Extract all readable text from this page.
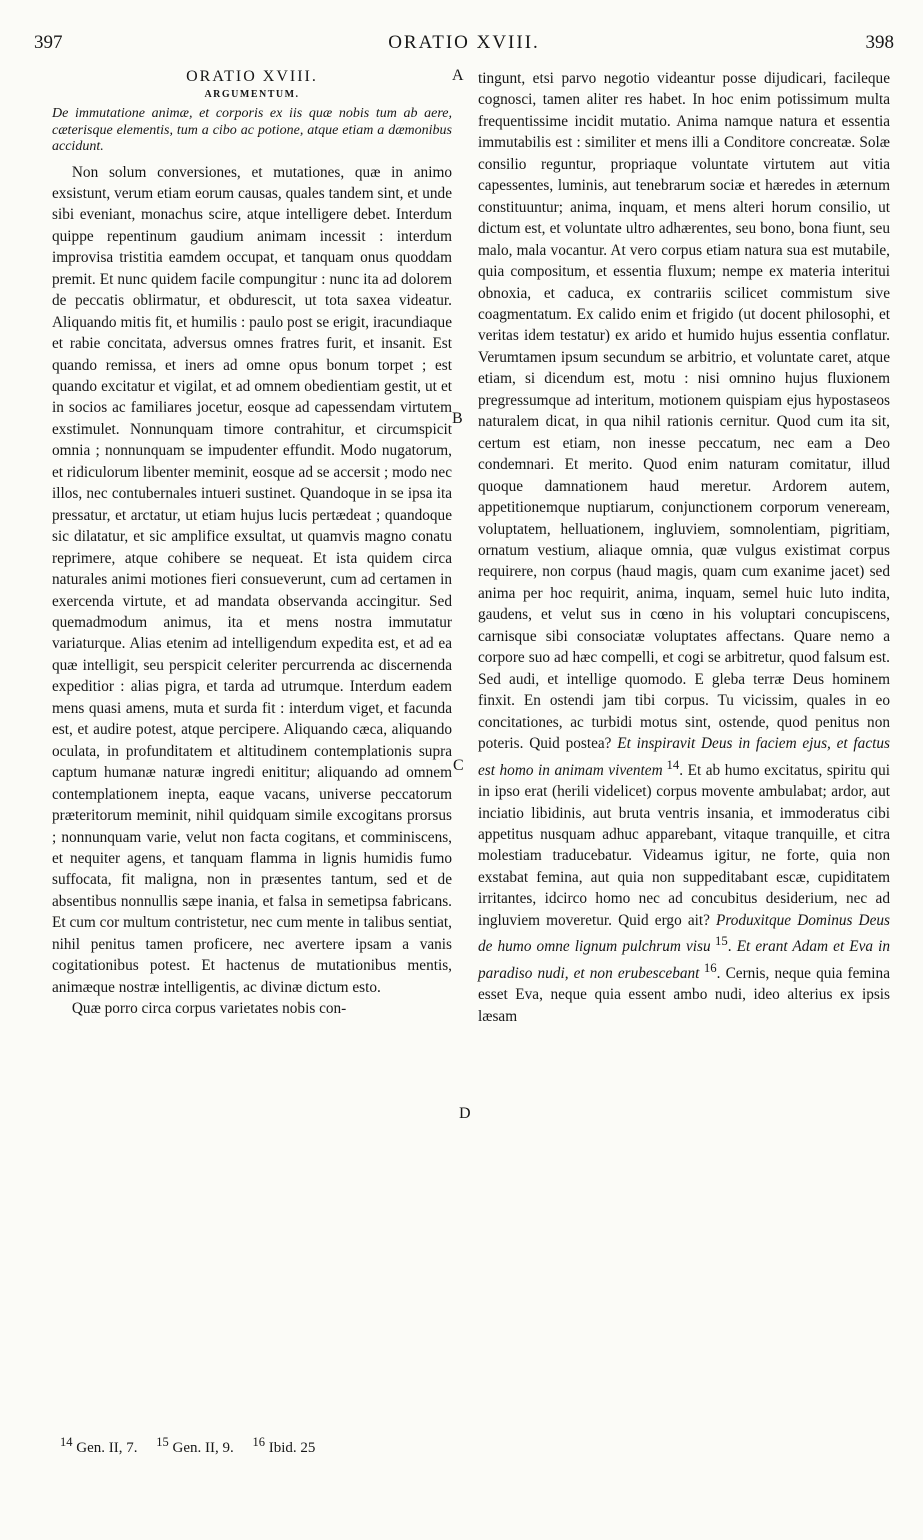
397	ORATIO XVIII.	398
ORATIO XVIII.
ARGUMENTUM.
De immutatione animæ, et corporis ex iis quæ nobis tum ab aere, cæterisque elementis, tum a cibo ac potione, atque etiam a dæmonibus accidunt.

Non solum conversiones, et mutationes, quæ in animo exsistunt, verum etiam eorum causas, quales tandem sint, et unde sibi eveniant, monachus scire, atque intelligere debet. Interdum quippe repentinum gaudium animam incessit : interdum improvisa tristitia eamdem occupat, et tanquam onus quoddam premit. Et nunc quidem facile compungitur : nunc ita ad dolorem de peccatis oblirmatur, et obdurescit, ut tota saxea videatur. Aliquando mitis fit, et humilis : paulo post se erigit, iracundiaque et rabie concitata, adversus omnes fratres furit, et insanit. Est quando remissa, et iners ad omne opus bonum torpet ; est quando excitatur et vigilat, et ad omnem obedientiam gestit, ut et in socios ac familiares jocetur, eosque ad capessendam virtutem exstimulet. Nonnunquam timore contrahitur, et circumspicit omnia ; nonnunquam se impudenter effundit. Modo nugatorum, et ridiculorum libenter meminit, eosque ad se accersit ; modo nec illos, nec contubernales intueri sustinet. Quandoque in se ipsa ita pressatur, et arctatur, ut etiam hujus lucis pertædeat ; quandoque sic dilatatur, et sic amplifice exsultat, ut quamvis magno conatu reprimere, atque cohibere se nequeat. Et ista quidem circa naturales animi motiones fieri consueverunt, cum ad certamen in exercenda virtute, et ad mandata observanda accingitur. Sed quemadmodum animus, ita et mens nostra immutatur variaturque. Alias etenim ad intelligendum expedita est, et ad ea quæ intelligit, seu perspicit celeriter percurrenda ac discernenda expeditior : alias pigra, et tarda ad utrumque. Interdum eadem mens quasi amens, muta et surda fit : interdum viget, et facunda est, et audire potest, atque percipere. Aliquando cæca, aliquando oculata, in profunditatem et altitudinem contemplationis supra captum humanæ naturæ ingredi enititur; aliquando ad omnem contemplationem inepta, eaque vacans, universe peccatorum præteritorum meminit, nihil quidquam simile excogitans prorsus ; nonnunquam varie, velut non facta cogitans, et comminiscens, et nequiter agens, et tanquam flamma in lignis humidis fumo suffocata, fit maligna, non in præsentes tantum, sed et de absentibus nonnullis sæpe inania, et falsa in semetipsa fabricans. Et cum cor multum contristetur, nec cum mente in talibus sentiat, nihil penitus tamen proficere, nec avertere ipsam a vanis cogitationibus potest. Et hactenus de mutationibus mentis, animæque nostræ intelligentis, ac divinæ dictum esto.

Quæ porro circa corpus varietates nobis con-

A
B
C
D

tingunt, etsi parvo negotio videantur posse dijudicari, facileque cognosci, tamen aliter res habet. In hoc enim potissimum multa frequentissime incidit mutatio. Anima namque natura et essentia immutabilis est : similiter et mens illi a Conditore concreatæ. Solæ consilio reguntur, propriaque voluntate virtutem aut vitia capessentes, luminis, aut tenebrarum sociæ et hæredes in æternum constituuntur; anima, inquam, et mens alteri horum consilio, ut dictum est, et voluntate ultro adhærentes, seu bono, bona fiunt, seu malo, mala vocantur. At vero corpus etiam natura sua est mutabile, quia compositum, et essentia fluxum; nempe ex materia interitui obnoxia, et caduca, ex contrariis scilicet commistum sive coagmentatum. Ex calido enim et frigido (ut docent philosophi, et veritas idem testatur) ex arido et humido hujus essentia conflatur. Verumtamen ipsum secundum se arbitrio, et voluntate caret, atque etiam, si dicendum est, motu : nisi omnino hujus fluxionem pregressumque ad interitum, motionem quispiam ejus hypostaseos naturalem dicat, in qua nihil rationis cernitur. Quod cum ita sit, certum est etiam, non inesse peccatum, nec eam a Deo condemnari. Et merito. Quod enim naturam comitatur, illud quoque damnationem haud meretur. Ardorem autem, appetitionemque nuptiarum, conjunctionem corporum veneream, voluptatem, helluationem, ingluviem, somnolentiam, pigritiam, ornatum vestium, aliaque omnia, quæ vulgus existimat corpus requirere, non corpus (haud magis, quam cum exanime jacet) sed anima per hoc requirit, anima, inquam, semel huic luto indita, gaudens, et velut sus in cœno in his voluptari concupiscens, carnisque sibi consociatæ voluptates affectans. Quare nemo a corpore suo ad hæc compelli, et cogi se arbitretur, quod falsum est. Sed audi, et intellige quomodo. E gleba terræ Deus hominem finxit. En ostendi jam tibi corpus. Tu vicissim, quales in eo concitationes, ac turbidi motus sint, ostende, quod penitus non poteris. Quid postea? Et inspiravit Deus in faciem ejus, et factus est homo in animam viventem $^{14}$. Et ab humo excitatus, spiritu qui in ipso erat (herili videlicet) corpus movente ambulabat; ardor, aut inciatio libidinis, aut bruta ventris insania, et immoderatus cibi appetitus nusquam adhuc apparebant, vitaque tranquille, et citra molestiam traducebatur. Videamus igitur, ne forte, quia non exstabat femina, aut quia non suppeditabant escæ, cupiditatem irritantes, idcirco homo nec ad concubitus desiderium, nec ad ingluviem moveretur. Quid ergo ait? Produxitque Dominus Deus de humo omne lignum pulchrum visu $^{15}$. Et erant Adam et Eva in paradiso nudi, et non erubescebant $^{16}$. Cernis, neque quia femina esset Eva, neque quia essent ambo nudi, ideo alterius ex ipsis læsam

$^{14}$ Gen. II, 7. $^{15}$ Gen. II, 9. $^{16}$ Ibid. 25
